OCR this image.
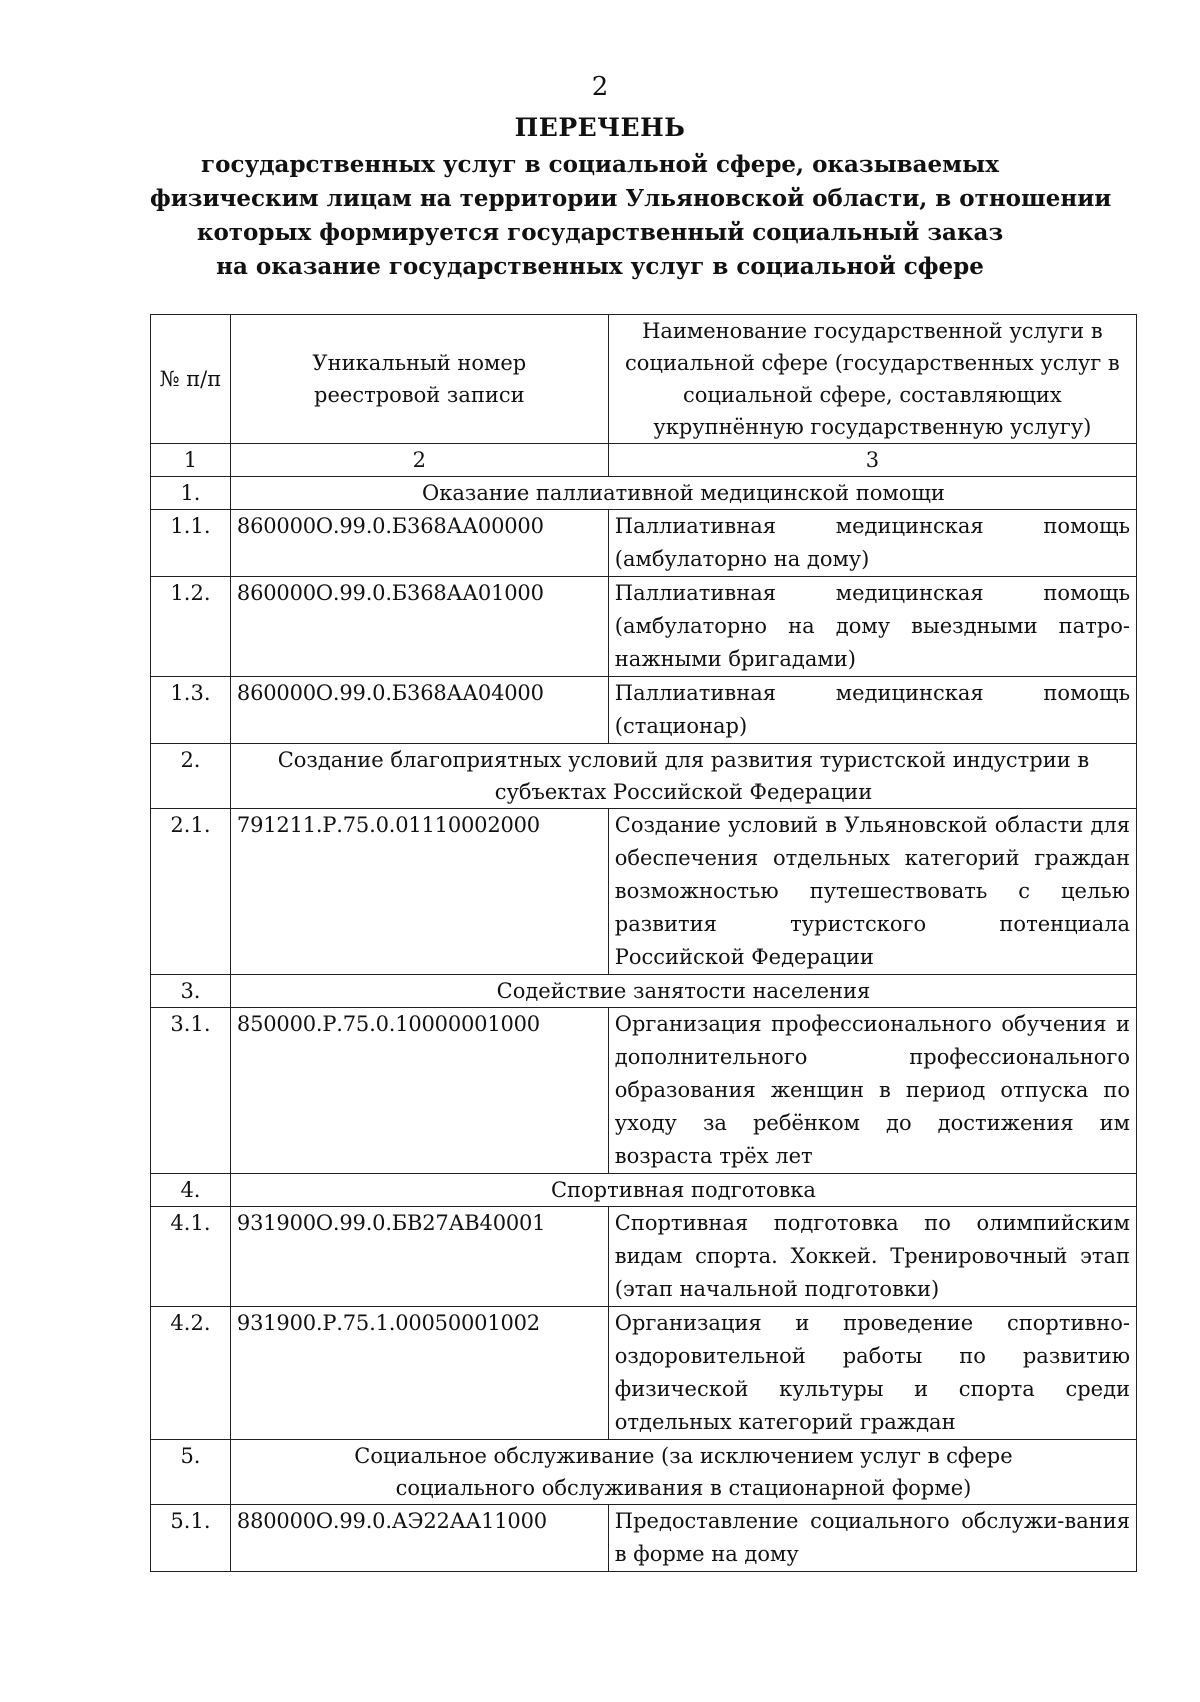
2
ПЕРЕЧЕНЬ
государственных услуг в социальной сфере, оказываемых
физическим лицам на территории Ульяновской области, в отношении
которых формируется государственный социальный заказ
на оказание государственных услуг в социальной сфере
№ п/п	Уникальный номер реестровой записи	Наименование государственной услуги в социальной сфере (государственных услуг в социальной сфере, составляющих укрупнённую государственную услугу)
1	2	3
1.	Оказание паллиативной медицинской помощи	
1.1.	860000О.99.0.Б368АА00000	Паллиативная медицинская помощь (амбулаторно на дому)
1.2.	860000О.99.0.Б368АА01000	Паллиативная медицинская помощь (амбулаторно на дому выездными патро-нажными бригадами)
1.3.	860000О.99.0.Б368АА04000	Паллиативная медицинская помощь (стационар)
2.	Создание благоприятных условий для развития туристской индустрии в субъектах Российской Федерации	
2.1.	791211.Р.75.0.01110002000	Создание условий в Ульяновской области для обеспечения отдельных категорий граждан возможностью путешествовать с целью развития туристского потенциала Российской Федерации
3.	Содействие занятости населения	
3.1.	850000.Р.75.0.10000001000	Организация профессионального обучения и дополнительного профессионального образования женщин в период отпуска по уходу за ребёнком до достижения им возраста трёх лет
4.	Спортивная подготовка	
4.1.	931900О.99.0.БВ27АВ40001	Спортивная подготовка по олимпийским видам спорта. Хоккей. Тренировочный этап (этап начальной подготовки)
4.2.	931900.Р.75.1.00050001002	Организация и проведение спортивно-оздоровительной работы по развитию физической культуры и спорта среди отдельных категорий граждан
5.	Социальное обслуживание (за исключением услуг в сфере социального обслуживания в стационарной форме)	
5.1.	880000О.99.0.АЭ22АА11000	Предоставление социального обслужи-вания в форме на дому
